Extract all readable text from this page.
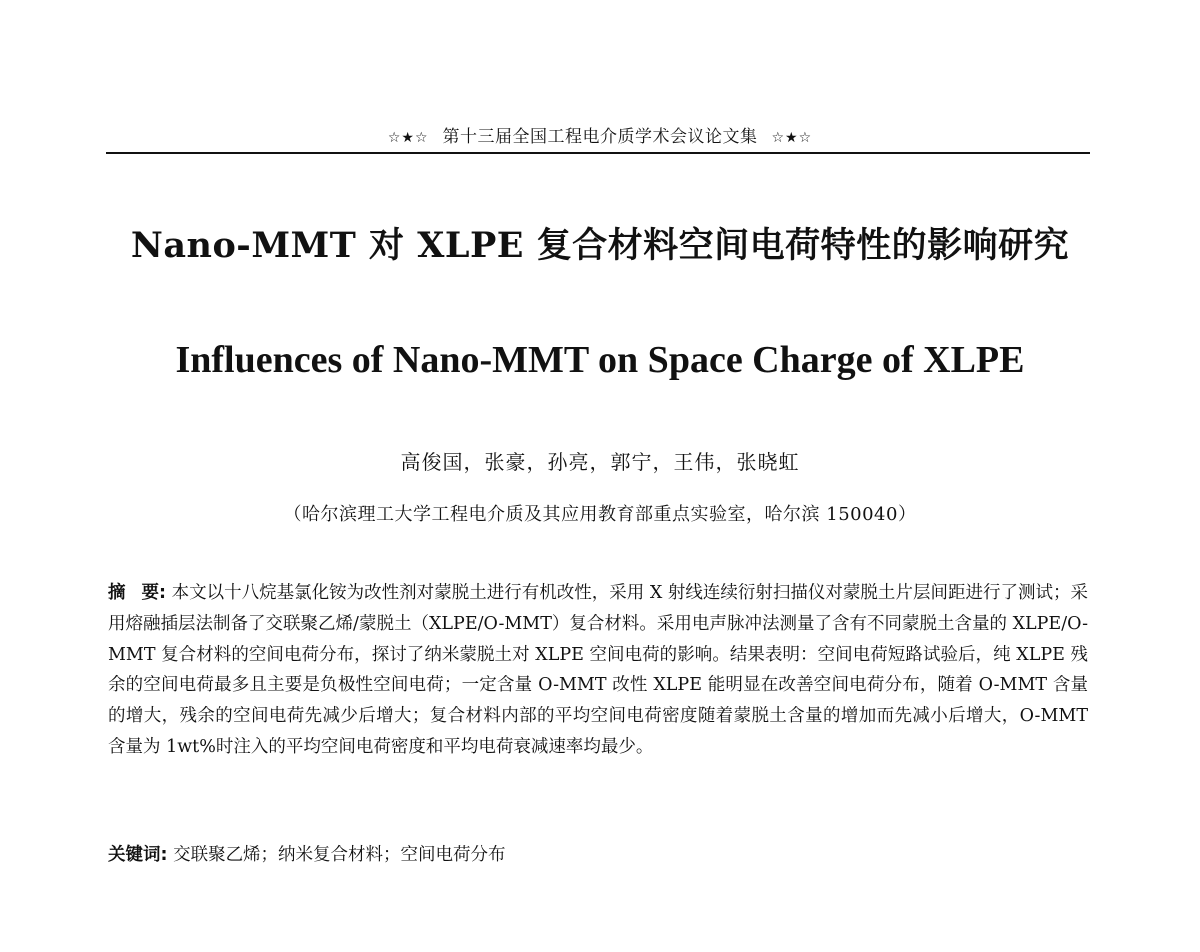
☆★☆ 第十三届全国工程电介质学术会议论文集 ☆★☆
Nano-MMT 对 XLPE 复合材料空间电荷特性的影响研究
Influences of Nano-MMT on Space Charge of XLPE
高俊国，张豪，孙亮，郭宁，王伟，张晓虹
（哈尔滨理工大学工程电介质及其应用教育部重点实验室，哈尔滨 150040）
摘 要: 本文以十八烷基氯化铵为改性剂对蒙脱土进行有机改性，采用 X 射线连续衍射扫描仪对蒙脱土片层间距进行了测试；采用熔融插层法制备了交联聚乙烯/蒙脱土（XLPE/O-MMT）复合材料。采用电声脉冲法测量了含有不同蒙脱土含量的 XLPE/O-MMT 复合材料的空间电荷分布，探讨了纳米蒙脱土对 XLPE 空间电荷的影响。结果表明：空间电荷短路试验后，纯 XLPE 残余的空间电荷最多且主要是负极性空间电荷；一定含量 O-MMT 改性 XLPE 能明显在改善空间电荷分布，随着 O-MMT 含量的增大，残余的空间电荷先减少后增大；复合材料内部的平均空间电荷密度随着蒙脱土含量的增加而先减小后增大，O-MMT 含量为 1wt%时注入的平均空间电荷密度和平均电荷衰减速率均最少。
关键词: 交联聚乙烯；纳米复合材料；空间电荷分布
